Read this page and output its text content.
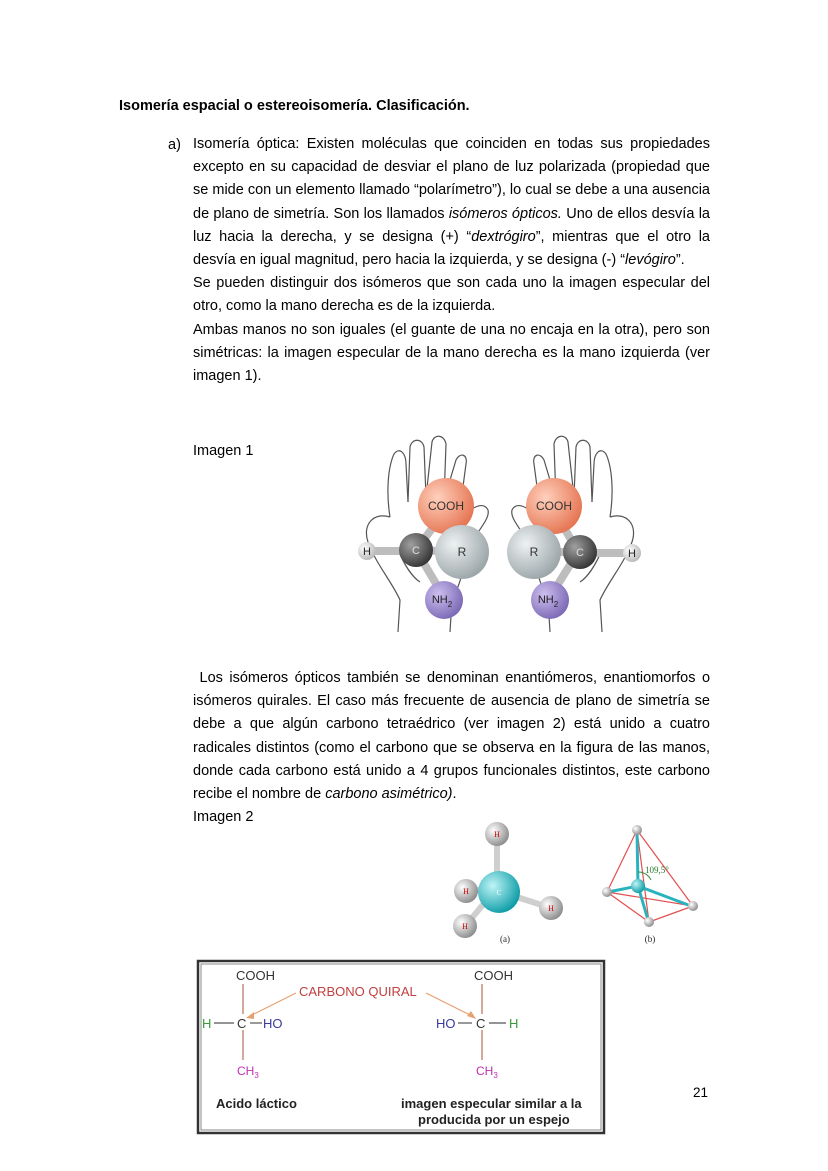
Isomería espacial o estereoisomería. Clasificación.
a) Isomería óptica: Existen moléculas que coinciden en todas sus propiedades excepto en su capacidad de desviar el plano de luz polarizada (propiedad que se mide con un elemento llamado “polarímetro”), lo cual se debe a una ausencia de plano de simetría. Son los llamados isómeros ópticos. Uno de ellos desvía la luz hacia la derecha, y se designa (+) “dextrógiro”, mientras que el otro la desvía en igual magnitud, pero hacia la izquierda, y se designa (-) “levógiro”.

Se pueden distinguir dos isómeros que son cada uno la imagen especular del otro, como la mano derecha es de la izquierda.

Ambas manos no son iguales (el guante de una no encaja en la otra), pero son simétricas: la imagen especular de la mano derecha es la mano izquierda (ver imagen 1).

Imagen 1
COOH
R
H	C
$NH_2$
COOH
R	H
C
$NH_2$

Los isómeros ópticos también se denominan enantiómeros, enantiomorfos o isómeros quirales. El caso más frecuente de ausencia de plano de simetría se debe a que algún carbono tetraédrico (ver imagen 2) está unido a cuatro radicales distintos (como el carbono que se observa en la figura de las manos, donde cada carbono está unido a 4 grupos funcionales distintos, este carbono recibe el nombre de carbono asimétrico).

Imagen 2
H
H
H
H
C
(a)
109,5°
(b)
COOH
H C HO
$CH_3$
CARBONO QUIRAL
COOH
HO C H
$CH_3$
Acido láctico	imagen especular similar a la
producida por un espejo
21
